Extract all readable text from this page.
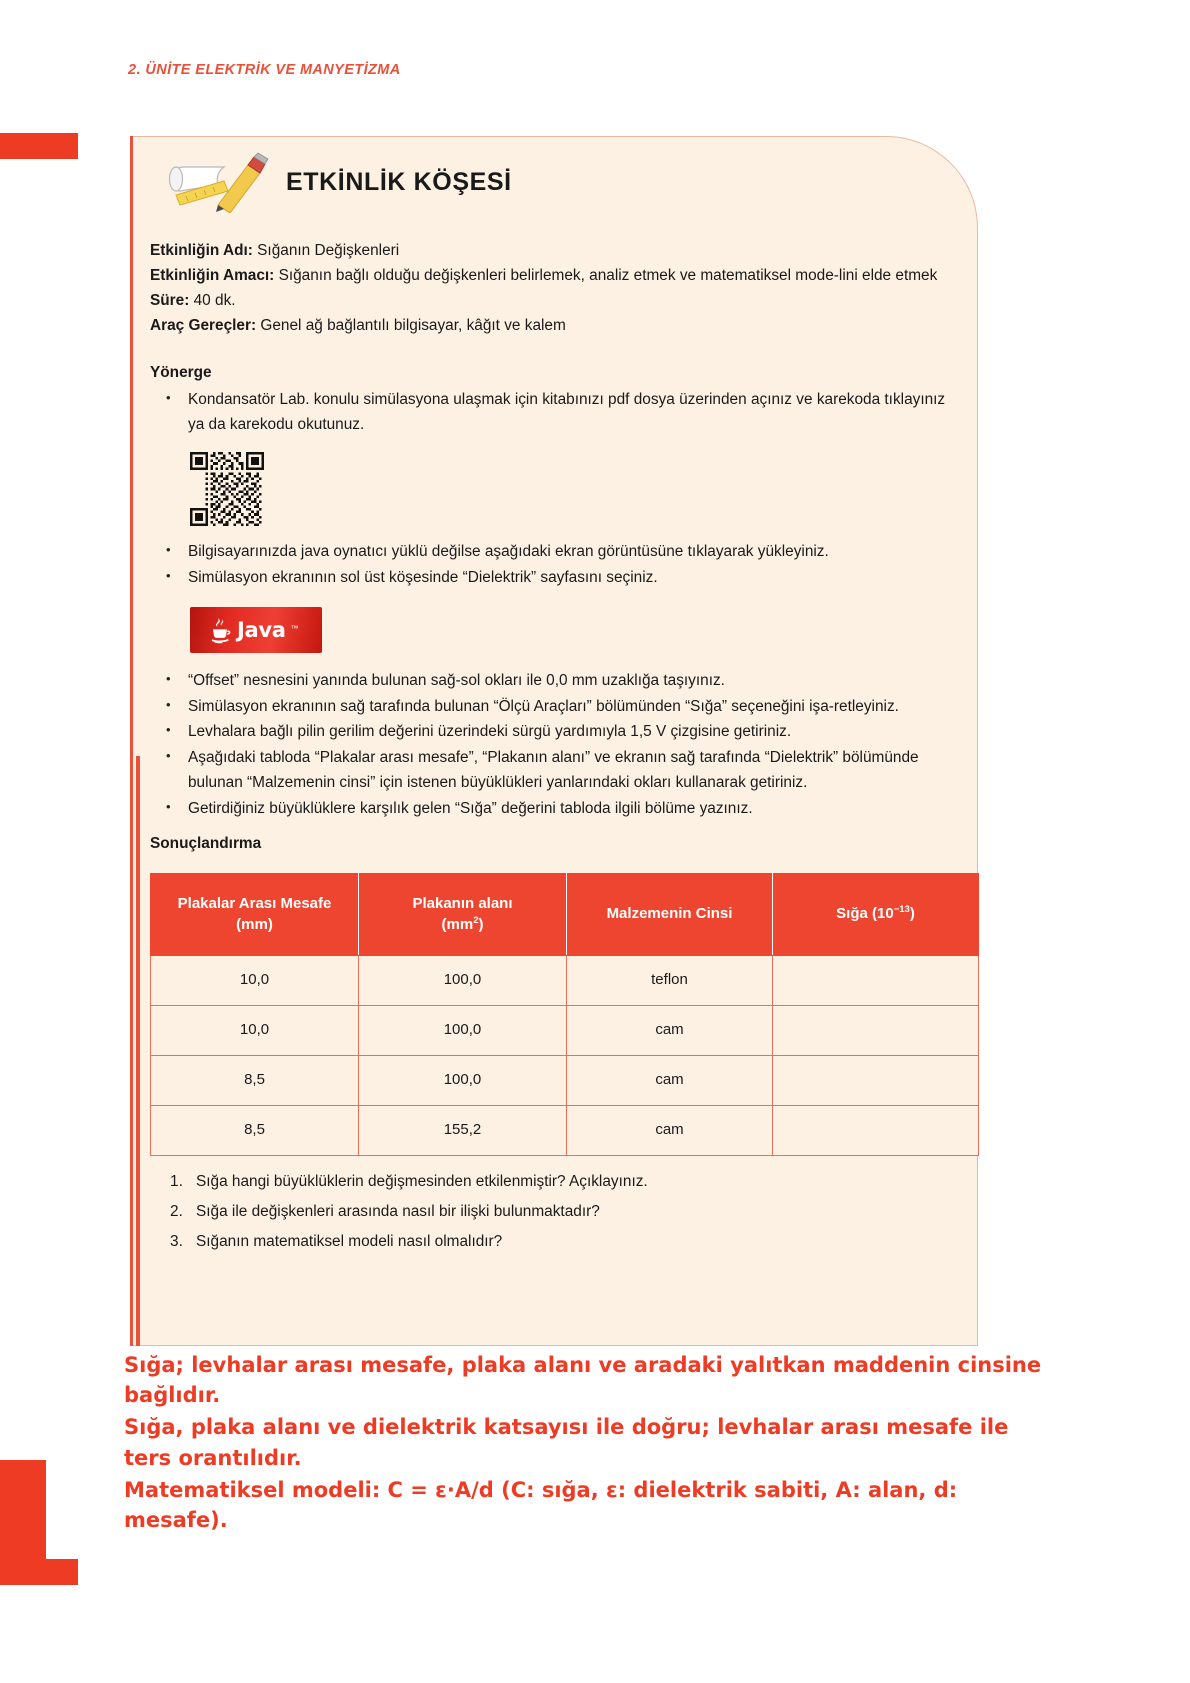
2. ÜNİTE ELEKTRİK VE MANYETİZMA
ETKİNLİK KÖŞESİ

Etkinliğin Adı: Sığanın Değişkenleri

Etkinliğin Amacı: Sığanın bağlı olduğu değişkenleri belirlemek, analiz etmek ve matematiksel mode-lini elde etmek

Süre: 40 dk.

Araç Gereçler: Genel ağ bağlantılı bilgisayar, kâğıt ve kalem

Yönerge
• Kondansatör Lab. konulu simülasyona ulaşmak için kitabınızı pdf dosya üzerinden açınız ve karekoda tıklayınız ya da karekodu okutunuz.
• Bilgisayarınızda java oynatıcı yüklü değilse aşağıdaki ekran görüntüsüne tıklayarak yükleyiniz.
• Simülasyon ekranının sol üst köşesinde “Dielektrik” sayfasını seçiniz.
Java ™
• “Offset” nesnesini yanında bulunan sağ-sol okları ile 0,0 mm uzaklığa taşıyınız.
• Simülasyon ekranının sağ tarafında bulunan “Ölçü Araçları” bölümünden “Sığa” seçeneğini işa-retleyiniz.
• Levhalara bağlı pilin gerilim değerini üzerindeki sürgü yardımıyla 1,5 V çizgisine getiriniz.
• Aşağıdaki tabloda “Plakalar arası mesafe”, “Plakanın alanı” ve ekranın sağ tarafında “Dielektrik” bölümünde bulunan “Malzemenin cinsi” için istenen büyüklükleri yanlarındaki okları kullanarak getiriniz.
• Getirdiğiniz büyüklüklere karşılık gelen “Sığa” değerini tabloda ilgili bölüme yazınız.
Sonuçlandırma
Plakalar Arası Mesafe
(mm)	Plakanın alanı
$(mm^2)$	Malzemenin Cinsi	Sığa $(10^{-13})$
10,0	100,0	teflon	
10,0	100,0	cam	
8,5	100,0	cam	
8,5	155,2	cam	
Sığa hangi büyüklüklerin değişmesinden etkilenmiştir? Açıklayınız.
Sığa ile değişkenleri arasında nasıl bir ilişki bulunmaktadır?
Sığanın matematiksel modeli nasıl olmalıdır?

Sığa; levhalar arası mesafe, plaka alanı ve aradaki yalıtkan maddenin cinsine bağlıdır.

Sığa, plaka alanı ve dielektrik katsayısı ile doğru; levhalar arası mesafe ile ters orantılıdır.

Matematiksel modeli: C = ε·A/d (C: sığa, ε: dielektrik sabiti, A: alan, d: mesafe).
